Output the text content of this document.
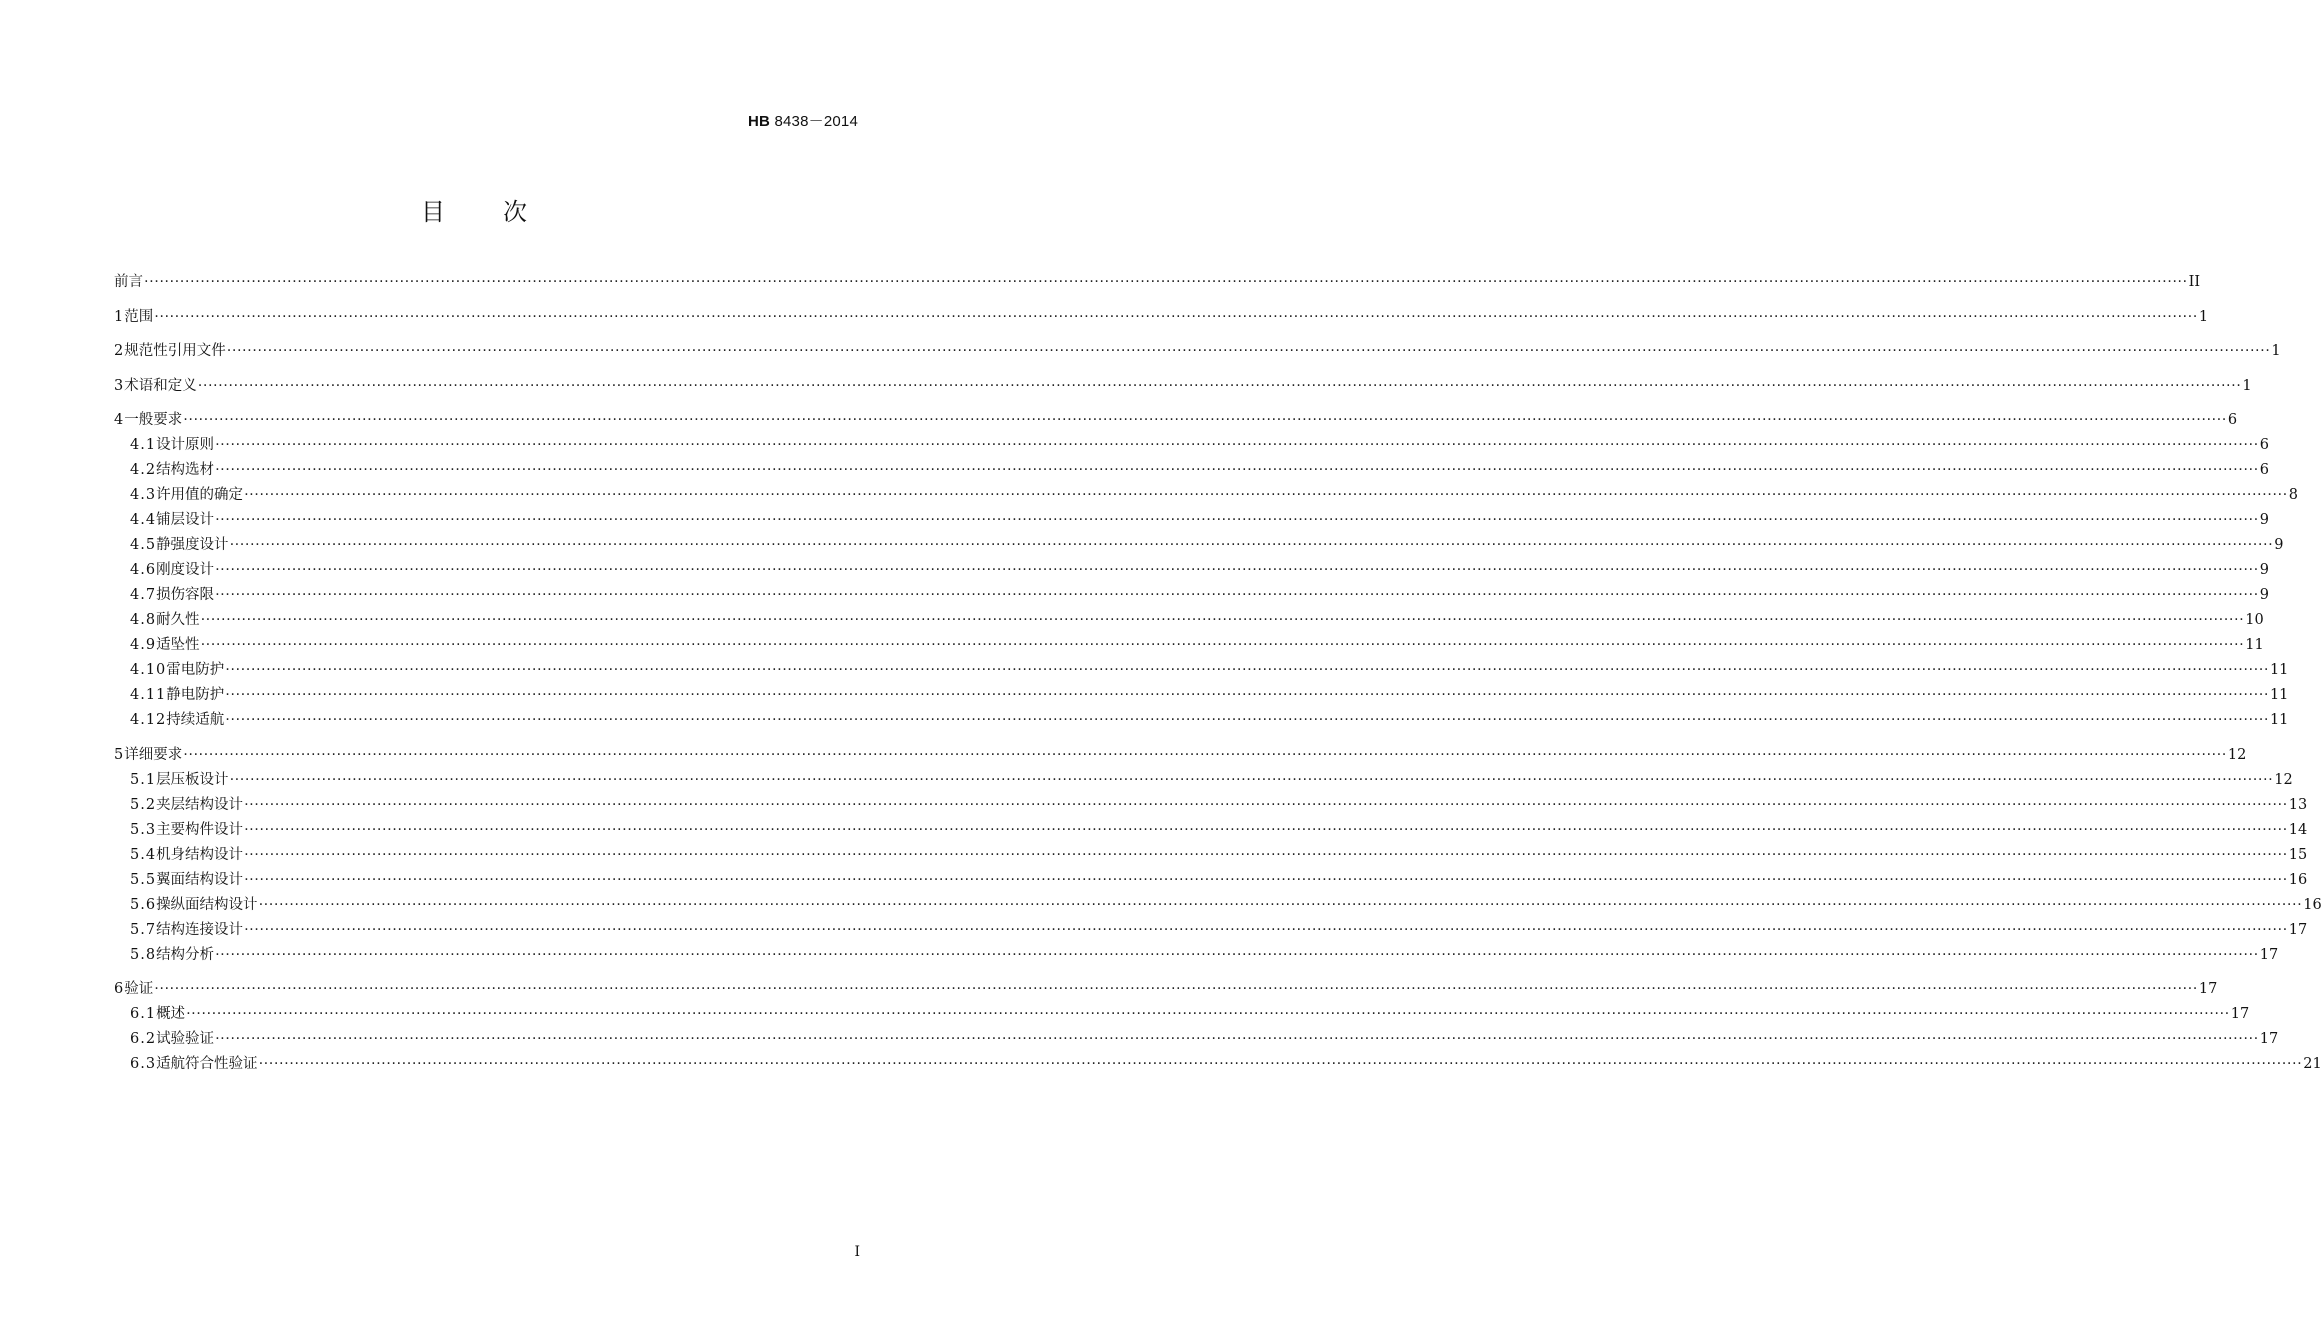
HB 8438－2014
目 次
前言 ················································································································································································································································································································································································································ II
1 范围 ················································································································································································································································································································································································································ 1
2 规范性引用文件 ················································································································································································································································································································································································································ 1
3 术语和定义 ················································································································································································································································································································································································································ 1
4 一般要求 ················································································································································································································································································································································································································ 6
4.1 设计原则 ················································································································································································································································································································································································································ 6
4.2 结构选材 ················································································································································································································································································································································································································ 6
4.3 许用值的确定 ················································································································································································································································································································································································································ 8
4.4 铺层设计 ················································································································································································································································································································································································································ 9
4.5 静强度设计 ················································································································································································································································································································································································································ 9
4.6 刚度设计 ················································································································································································································································································································································································································ 9
4.7 损伤容限 ················································································································································································································································································································································································································ 9
4.8 耐久性 ················································································································································································································································································································································································································ 10
4.9 适坠性 ················································································································································································································································································································································································································ 11
4.10 雷电防护 ················································································································································································································································································································································································································ 11
4.11 静电防护 ················································································································································································································································································································································································································ 11
4.12 持续适航 ················································································································································································································································································································································································································ 11
5 详细要求 ················································································································································································································································································································································································································ 12
5.1 层压板设计 ················································································································································································································································································································································································································ 12
5.2 夹层结构设计 ················································································································································································································································································································································································································ 13
5.3 主要构件设计 ················································································································································································································································································································································································································ 14
5.4 机身结构设计 ················································································································································································································································································································································································································ 15
5.5 翼面结构设计 ················································································································································································································································································································································································································ 16
5.6 操纵面结构设计 ················································································································································································································································································································································································································ 16
5.7 结构连接设计 ················································································································································································································································································································································································································ 17
5.8 结构分析 ················································································································································································································································································································································································································ 17
6 验证 ················································································································································································································································································································································································································ 17
6.1 概述 ················································································································································································································································································································································································································ 17
6.2 试验验证 ················································································································································································································································································································································································································ 17
6.3 适航符合性验证 ················································································································································································································································································································································································································ 21
I
